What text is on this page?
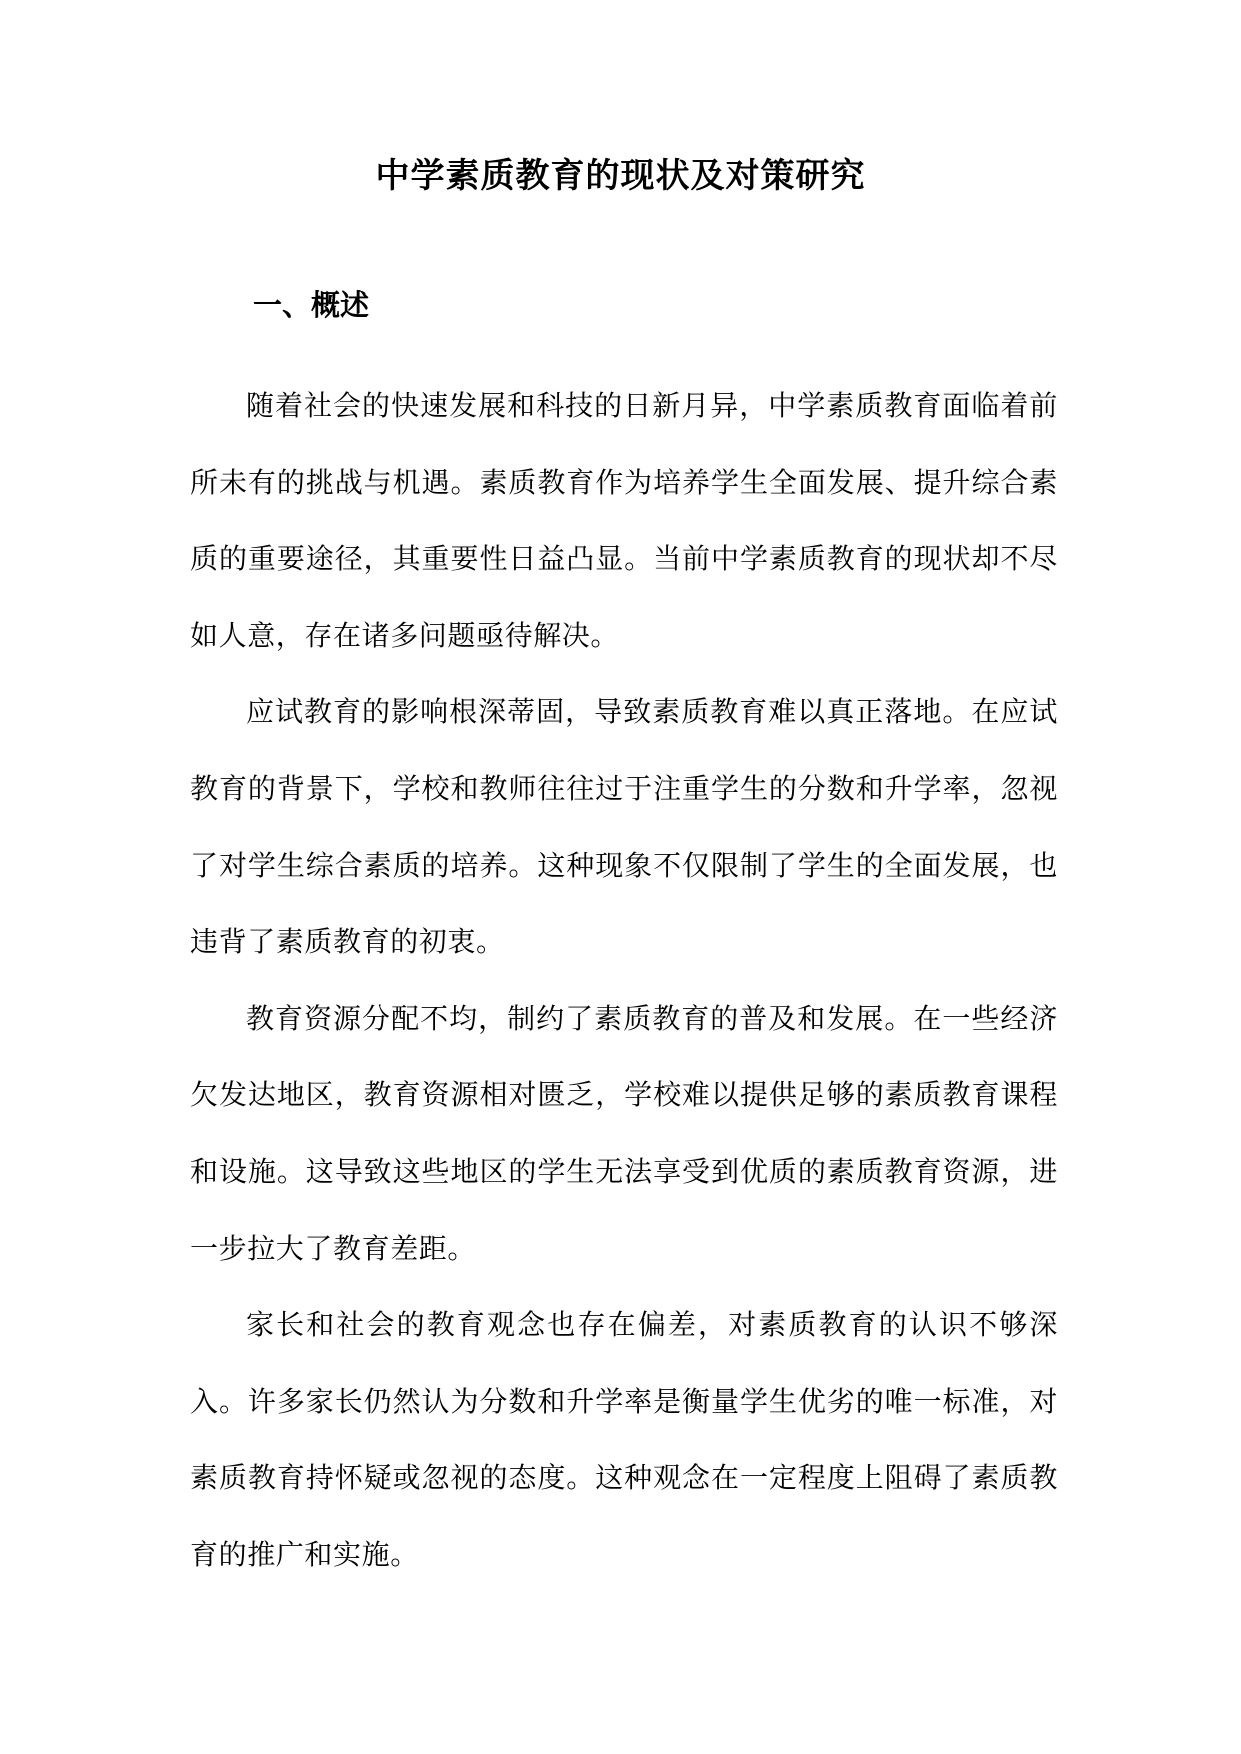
中学素质教育的现状及对策研究
一、概述

随着社会的快速发展和科技的日新月异，中学素质教育面临着前所未有的挑战与机遇。素质教育作为培养学生全面发展、提升综合素质的重要途径，其重要性日益凸显。当前中学素质教育的现状却不尽如人意，存在诸多问题亟待解决。

应试教育的影响根深蒂固，导致素质教育难以真正落地。在应试教育的背景下，学校和教师往往过于注重学生的分数和升学率，忽视了对学生综合素质的培养。这种现象不仅限制了学生的全面发展，也违背了素质教育的初衷。

教育资源分配不均，制约了素质教育的普及和发展。在一些经济欠发达地区，教育资源相对匮乏，学校难以提供足够的素质教育课程和设施。这导致这些地区的学生无法享受到优质的素质教育资源，进一步拉大了教育差距。

家长和社会的教育观念也存在偏差，对素质教育的认识不够深入。许多家长仍然认为分数和升学率是衡量学生优劣的唯一标准，对素质教育持怀疑或忽视的态度。这种观念在一定程度上阻碍了素质教育的推广和实施。
